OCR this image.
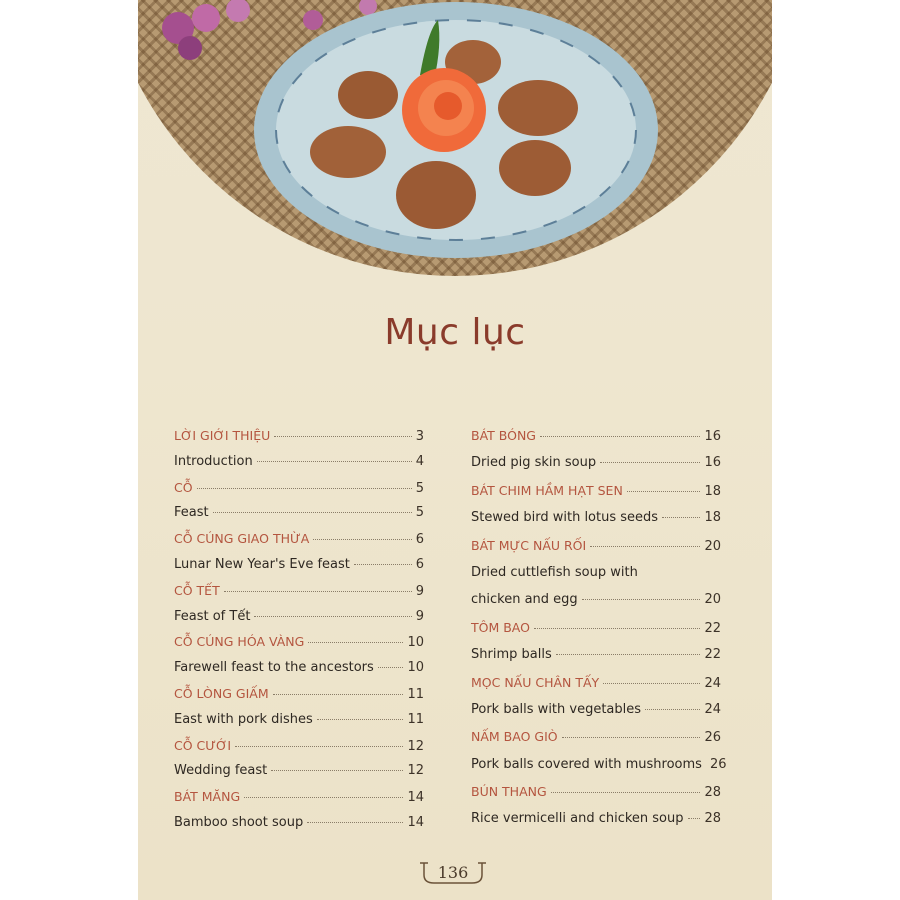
Mục lục
LỜI GIỚI THIỆU	3
Introduction	4
CỖ	5
Feast	5
CỖ CÚNG GIAO THỪA	6
Lunar New Year's Eve feast	6
CỖ TẾT	9
Feast of Tết	9
CỖ CÚNG HÓA VÀNG	10
Farewell feast to the ancestors	10
CỖ LÒNG GIẤM	11
East with pork dishes	11
CỖ CƯỚI	12
Wedding feast	12
BÁT MĂNG	14
Bamboo shoot soup	14
BÁT BÓNG	16
Dried pig skin soup	16
BÁT CHIM HẦM HẠT SEN	18
Stewed bird with lotus seeds	18
BÁT MỰC NẤU RỐI	20
Dried cuttlefish soup with
chicken and egg	20
TÔM BAO	22
Shrimp balls	22
MỌC NẤU CHÂN TẤY	24
Pork balls with vegetables	24
NẤM BAO GIÒ	26
Pork balls covered with mushrooms 26
BÚN THANG	28
Rice vermicelli and chicken soup 28
136
